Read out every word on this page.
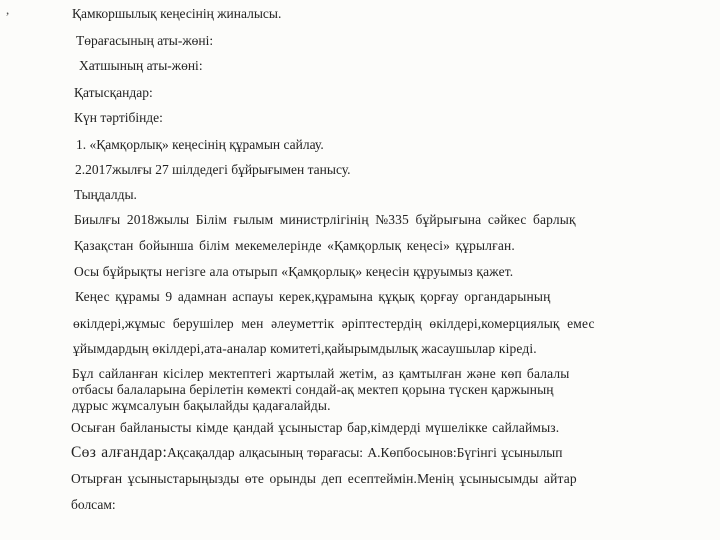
,	Қамкоршылық кеңесінің жиналысы.
Төрағасының аты-жөні:
Хатшының аты-жөні:
Қатысқандар:
Күн тәртібінде:
1. «Қамқорлық» кеңесінің құрамын сайлау.
2.2017жылғы 27 шілдедегі бұйрығымен танысу.
Тыңдалды.
Биылғы 2018жылы Білім ғылым министрлігінің №335 бұйрығына сәйкес барлық
Қазақстан бойынша білім мекемелерінде «Қамқорлық кеңесі» құрылған.
Осы бұйрықты негізге ала отырып «Қамқорлық» кеңесін құруымыз қажет.
Кеңес құрамы 9 адамнан аспауы керек,құрамына құқық қорғау органдарының
өкілдері,жұмыс берушілер мен әлеуметтік әріптестердің өкілдері,комерциялық емес
ұйымдардың өкілдері,ата-аналар комитеті,қайырымдылық жасаушылар кіреді.
Бұл сайланған кісілер мектептегі жартылай жетім, аз қамтылған және көп балалы
отбасы балаларына берілетін көмекті сондай-ақ мектеп қорына түскен қаржының
дұрыс жұмсалуын бақылайды қадағалайды.
Осыған байланысты кімде қандай ұсыныстар бар,кімдерді мүшелікке сайлаймыз.
Сөз алғандар:Ақсақалдар алқасының төрағасы: А.Көпбосынов:Бүгінгі ұсынылып
Отырған ұсыныстарыңызды өте орынды деп есептеймін.Менің ұсынысымды айтар
болсам:
